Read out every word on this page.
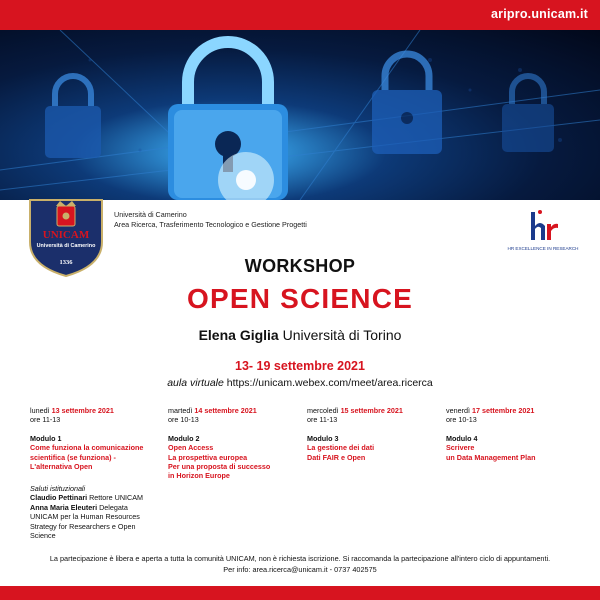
aripro.unicam.it
UNICAM
Università di Camerino
1336
Università di Camerino
Area Ricerca, Trasferimento Tecnologico e Gestione Progetti
HR EXCELLENCE IN RESEARCH
WORKSHOP
OPEN SCIENCE
Elena Giglia Università di Torino
13- 19 settembre 2021
aula virtuale https://unicam.webex.com/meet/area.ricerca
lunedì 13 settembre 2021
ore 11-13
Modulo 1
Come funziona la comunicazione
scientifica (se funziona) -
L'alternativa Open
martedì 14 settembre 2021
ore 10-13
Modulo 2
Open Access
La prospettiva europea
Per una proposta di successo
in Horizon Europe
mercoledì 15 settembre 2021
ore 11-13
Modulo 3
La gestione dei dati
Dati FAIR e Open
venerdì 17 settembre 2021
ore 10-13
Modulo 4
Scrivere
un Data Management Plan
Saluti istituzionali
Claudio Pettinari Rettore UNICAM
Anna Maria Eleuteri Delegata
UNICAM per la Human Resources
Strategy for Researchers e Open
Science
La partecipazione è libera e aperta a tutta la comunità UNICAM, non è richiesta iscrizione. Si raccomanda la partecipazione all'intero ciclo di appuntamenti.
Per info: area.ricerca@unicam.it - 0737 402575
